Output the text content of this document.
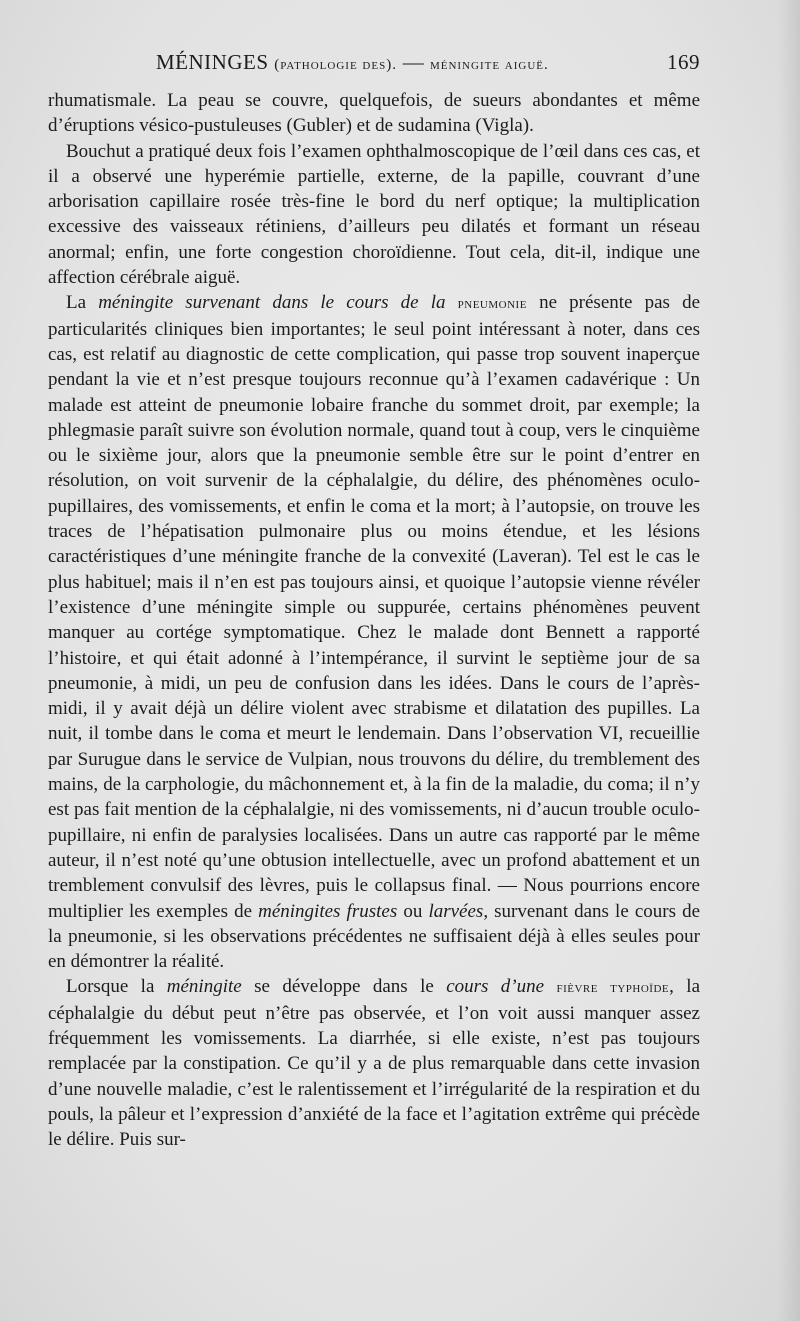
MÉNINGES (pathologie des). — méningite aiguë.	169

rhumatismale. La peau se couvre, quelquefois, de sueurs abondantes et même d’éruptions vésico-pustuleuses (Gubler) et de sudamina (Vigla).

Bouchut a pratiqué deux fois l’examen ophthalmoscopique de l’œil dans ces cas, et il a observé une hyperémie partielle, externe, de la papille, couvrant d’une arborisation capillaire rosée très-fine le bord du nerf optique; la multiplication excessive des vaisseaux rétiniens, d’ailleurs peu dilatés et formant un réseau anormal; enfin, une forte congestion choroïdienne. Tout cela, dit-il, indique une affection cérébrale aiguë.

La méningite survenant dans le cours de la pneumonie ne présente pas de particularités cliniques bien importantes; le seul point intéressant à noter, dans ces cas, est relatif au diagnostic de cette complication, qui passe trop souvent inaperçue pendant la vie et n’est presque toujours reconnue qu’à l’examen cadavérique : Un malade est atteint de pneumonie lobaire franche du sommet droit, par exemple; la phlegmasie paraît suivre son évolution normale, quand tout à coup, vers le cinquième ou le sixième jour, alors que la pneumonie semble être sur le point d’entrer en résolution, on voit survenir de la céphalalgie, du délire, des phénomènes oculo-pupillaires, des vomissements, et enfin le coma et la mort; à l’autopsie, on trouve les traces de l’hépatisation pulmonaire plus ou moins étendue, et les lésions caractéristiques d’une méningite franche de la convexité (Laveran). Tel est le cas le plus habituel; mais il n’en est pas toujours ainsi, et quoique l’autopsie vienne révéler l’existence d’une méningite simple ou suppurée, certains phénomènes peuvent manquer au cortége symptomatique. Chez le malade dont Bennett a rapporté l’histoire, et qui était adonné à l’intempérance, il survint le septième jour de sa pneumonie, à midi, un peu de confusion dans les idées. Dans le cours de l’après-midi, il y avait déjà un délire violent avec strabisme et dilatation des pupilles. La nuit, il tombe dans le coma et meurt le lendemain. Dans l’observation VI, recueillie par Surugue dans le service de Vulpian, nous trouvons du délire, du tremblement des mains, de la carphologie, du mâchonnement et, à la fin de la maladie, du coma; il n’y est pas fait mention de la céphalalgie, ni des vomissements, ni d’aucun trouble oculo-pupillaire, ni enfin de paralysies localisées. Dans un autre cas rapporté par le même auteur, il n’est noté qu’une obtusion intellectuelle, avec un profond abattement et un tremblement convulsif des lèvres, puis le collapsus final. — Nous pourrions encore multiplier les exemples de méningites frustes ou larvées, survenant dans le cours de la pneumonie, si les observations précédentes ne suffisaient déjà à elles seules pour en démontrer la réalité.

Lorsque la méningite se développe dans le cours d’une fièvre typhoïde, la céphalalgie du début peut n’être pas observée, et l’on voit aussi manquer assez fréquemment les vomissements. La diarrhée, si elle existe, n’est pas toujours remplacée par la constipation. Ce qu’il y a de plus remarquable dans cette invasion d’une nouvelle maladie, c’est le ralentissement et l’irrégularité de la respiration et du pouls, la pâleur et l’expression d’anxiété de la face et l’agitation extrême qui précède le délire. Puis sur-
